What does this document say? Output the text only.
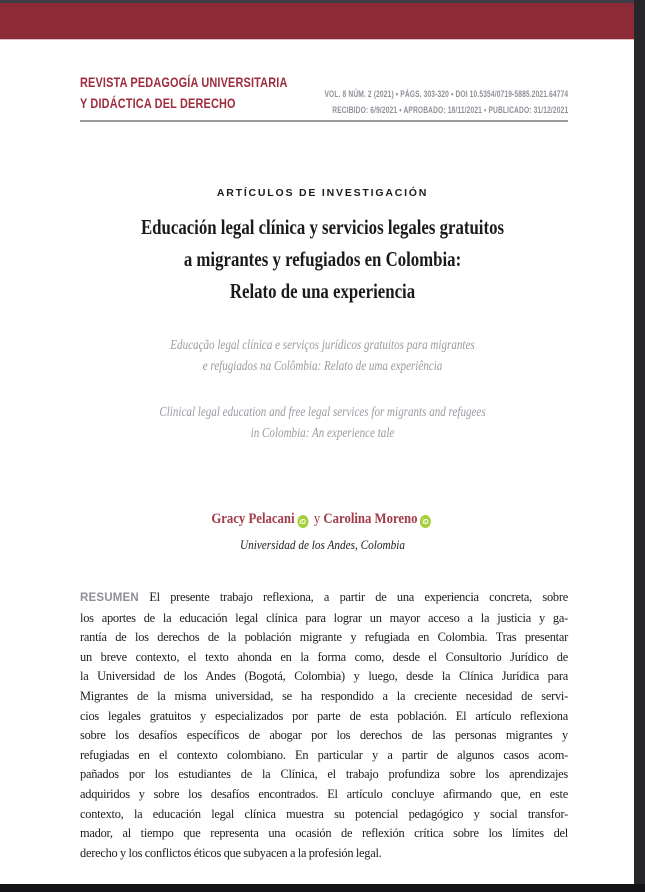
REVISTA PEDAGOGÍA UNIVERSITARIA
Y DIDÁCTICA DEL DERECHO
VOL. 8 NÚM. 2 (2021) • PÁGS. 303-320 • DOI 10.5354/0719-5885.2021.64774
RECIBIDO: 6/9/2021 • APROBADO: 18/11/2021 • PUBLICADO: 31/12/2021
ARTÍCULOS DE INVESTIGACIÓN
Educación legal clínica y servicios legales gratuitos
a migrantes y refugiados en Colombia:
Relato de una experiencia
Educação legal clínica e serviços jurídicos gratuitos para migrantes
e refugiados na Colômbia: Relato de uma experiência
Clinical legal education and free legal services for migrants and refugees
in Colombia: An experience tale
Gracy Pelacani iD y Carolina Moreno iD
Universidad de los Andes, Colombia
RESUMEN El presente trabajo reflexiona, a partir de una experiencia concreta, sobre
los aportes de la educación legal clínica para lograr un mayor acceso a la justicia y ga-
rantía de los derechos de la población migrante y refugiada en Colombia. Tras presentar
un breve contexto, el texto ahonda en la forma como, desde el Consultorio Jurídico de
la Universidad de los Andes (Bogotá, Colombia) y luego, desde la Clínica Jurídica para
Migrantes de la misma universidad, se ha respondido a la creciente necesidad de servi-
cios legales gratuitos y especializados por parte de esta población. El artículo reflexiona
sobre los desafíos específicos de abogar por los derechos de las personas migrantes y
refugiadas en el contexto colombiano. En particular y a partir de algunos casos acom-
pañados por los estudiantes de la Clínica, el trabajo profundiza sobre los aprendizajes
adquiridos y sobre los desafíos encontrados. El artículo concluye afirmando que, en este
contexto, la educación legal clínica muestra su potencial pedagógico y social transfor-
mador, al tiempo que representa una ocasión de reflexión crítica sobre los límites del
derecho y los conflictos éticos que subyacen a la profesión legal.
